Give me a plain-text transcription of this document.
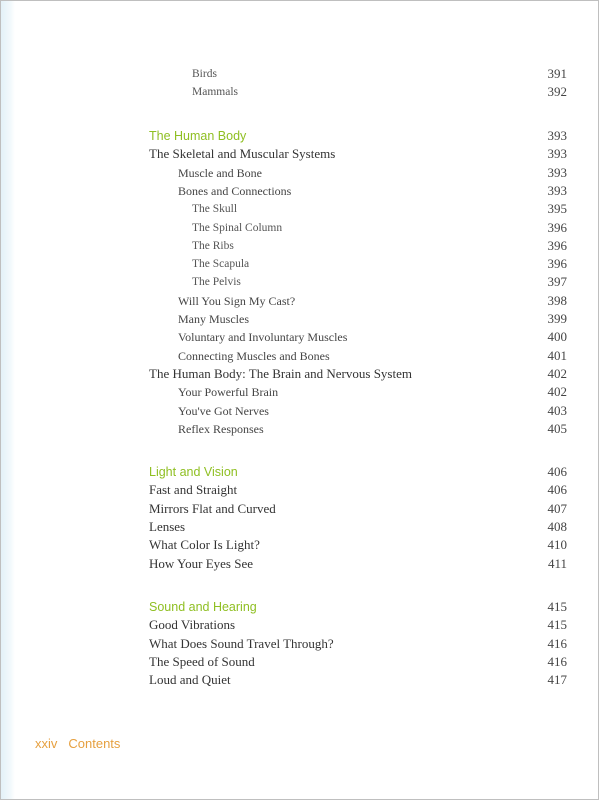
Birds	391
Mammals	392
The Human Body	393
The Skeletal and Muscular Systems	393
Muscle and Bone	393
Bones and Connections	393
The Skull	395
The Spinal Column	396
The Ribs	396
The Scapula	396
The Pelvis	397
Will You Sign My Cast?	398
Many Muscles	399
Voluntary and Involuntary Muscles	400
Connecting Muscles and Bones	401
The Human Body: The Brain and Nervous System	402
Your Powerful Brain	402
You've Got Nerves	403
Reflex Responses	405
Light and Vision	406
Fast and Straight	406
Mirrors Flat and Curved	407
Lenses	408
What Color Is Light?	410
How Your Eyes See	411
Sound and Hearing	415
Good Vibrations	415
What Does Sound Travel Through?	416
The Speed of Sound	416
Loud and Quiet	417
xxiv Contents
